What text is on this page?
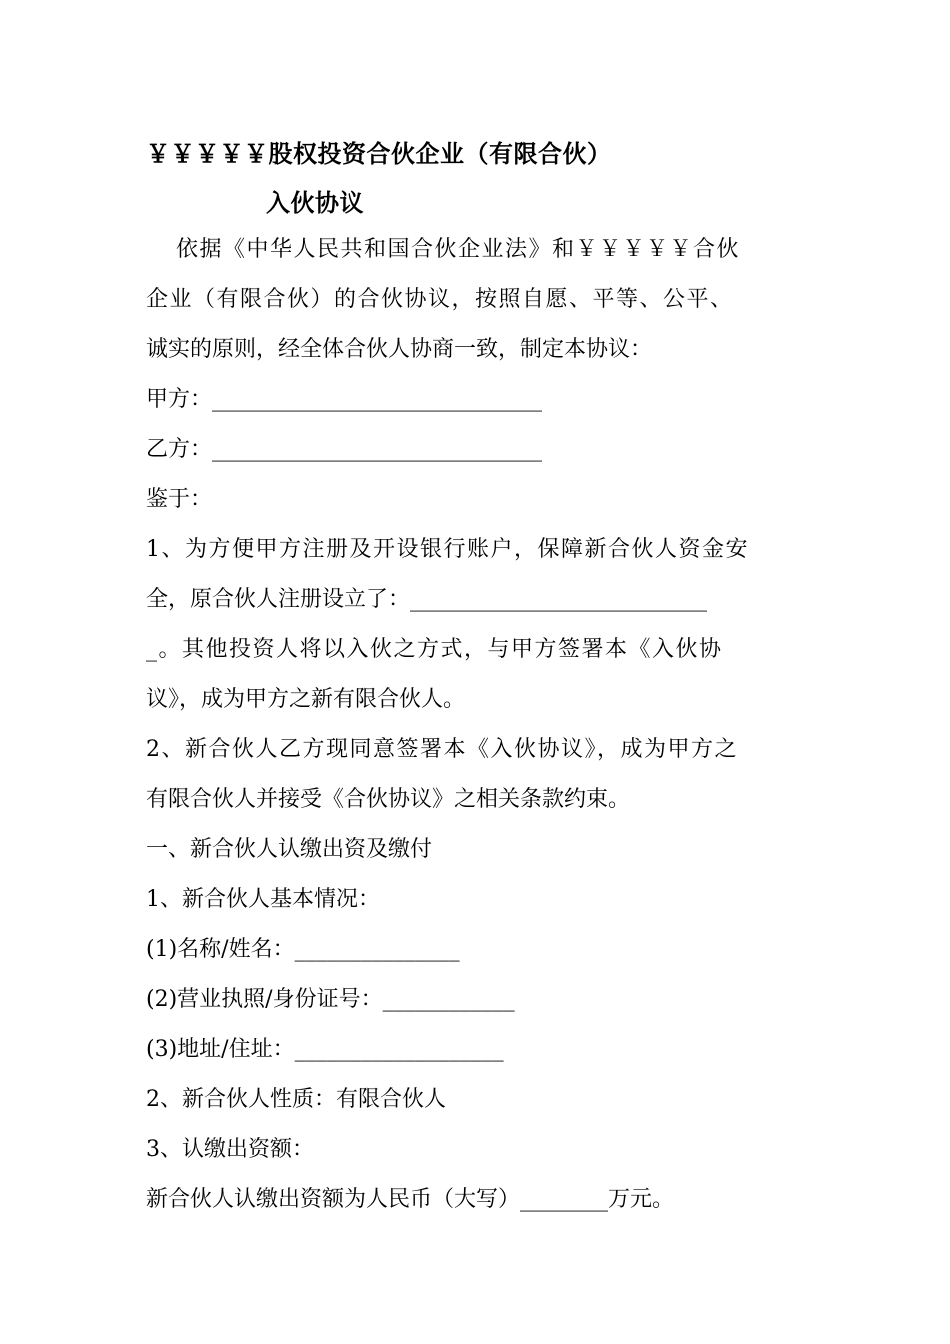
￥￥￥￥￥股权投资合伙企业（有限合伙）
入伙协议
依据《中华人民共和国合伙企业法》和￥￥￥￥￥合伙
企业（有限合伙）的合伙协议，按照自愿、平等、公平、
诚实的原则，经全体合伙人协商一致，制定本协议：
甲方：______________________________
乙方：______________________________
鉴于：
1、为方便甲方注册及开设银行账户，保障新合伙人资金安
全，原合伙人注册设立了：___________________________
_。其他投资人将以入伙之方式，与甲方签署本《入伙协
议》，成为甲方之新有限合伙人。
2、新合伙人乙方现同意签署本《入伙协议》，成为甲方之
有限合伙人并接受《合伙协议》之相关条款约束。
一、新合伙人认缴出资及缴付
1、新合伙人基本情况：
(1)名称/姓名：_______________
(2)营业执照/身份证号：____________
(3)地址/住址：___________________
2、新合伙人性质：有限合伙人
3、认缴出资额：
新合伙人认缴出资额为人民币（大写）________万元。
